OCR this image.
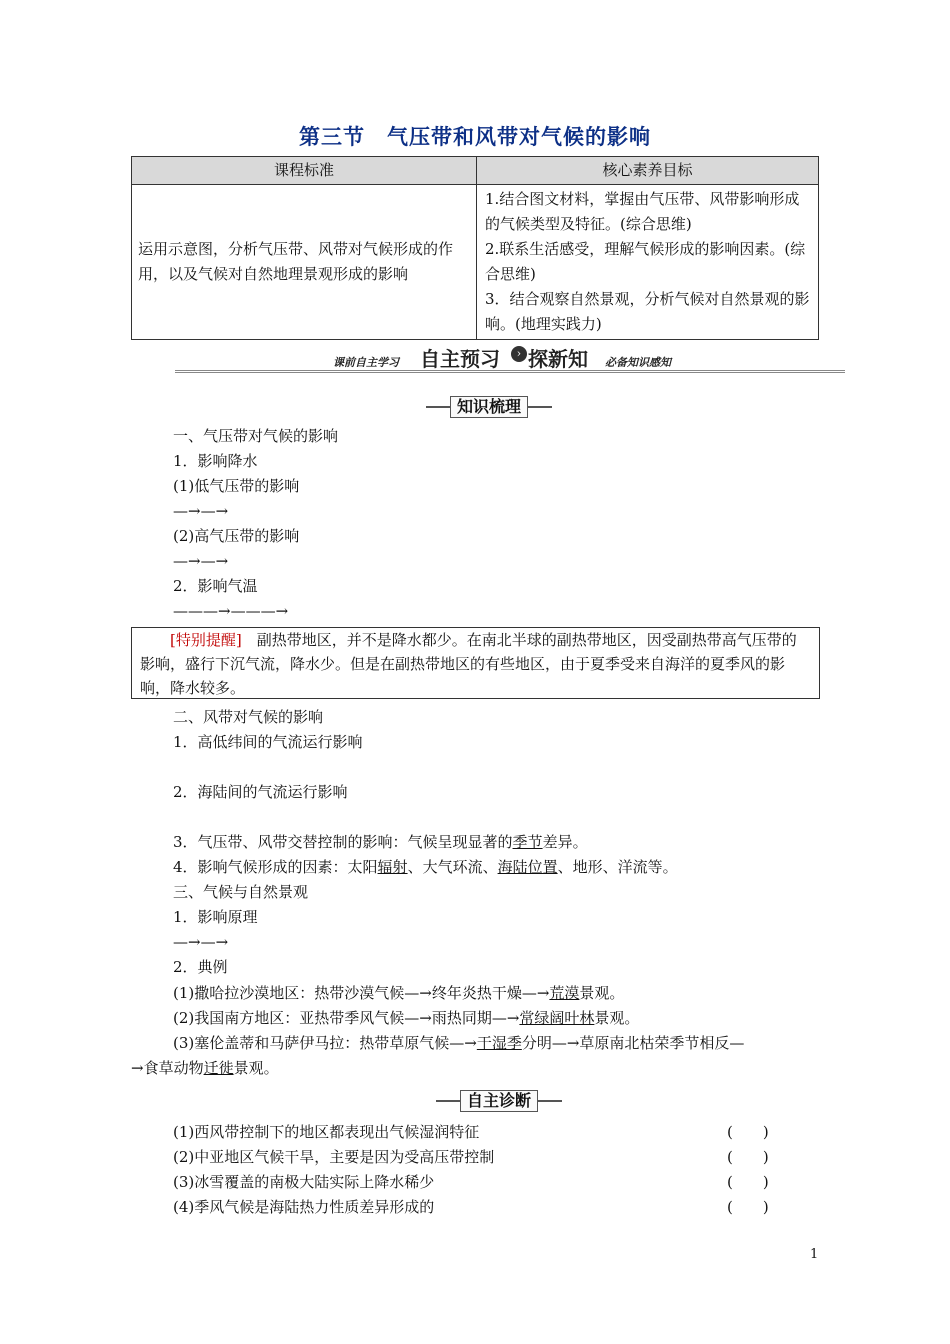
第三节　气压带和风带对气候的影响
课程标准	核心素养目标
运用示意图，分析气压带、风带对气候形成的作用，以及气候对自然地理景观形成的影响	1.结合图文材料，掌握由气压带、风带影响形成的气候类型及特征。(综合思维)
2.联系生活感受，理解气候形成的影响因素。(综合思维)
3．结合观察自然景观，分析气候对自然景观的影响。(地理实践力)
课前自主学习 自主预习	› 探新知 必备知识感知
知识梳理
一、气压带对气候的影响
1．影响降水
(1)低气压带的影响
—→—→
(2)高气压带的影响
—→—→
2．影响气温
———→———→
[特别提醒]　 副热带地区，并不是降水都少。在南北半球的副热带地区，因受副热带高气压带的影响，盛行下沉气流，降水少。但是在副热带地区的有些地区，由于夏季受来自海洋的夏季风的影响，降水较多。
二、风带对气候的影响
1．高低纬间的气流运行影响
2．海陆间的气流运行影响
3．气压带、风带交替控制的影响：气候呈现显著的季节差异。
4．影响气候形成的因素：太阳辐射、大气环流、海陆位置、地形、洋流等。
三、气候与自然景观
1．影响原理
—→—→
2．典例
(1)撒哈拉沙漠地区：热带沙漠气候—→终年炎热干燥—→荒漠景观。
(2)我国南方地区：亚热带季风气候—→雨热同期—→常绿阔叶林景观。
(3)塞伦盖蒂和马萨伊马拉：热带草原气候—→干湿季分明—→草原南北枯荣季节相反—
→食草动物迁徙景观。
自主诊断
(1)西风带控制下的地区都表现出气候湿润特征	(　　)
(2)中亚地区气候干旱，主要是因为受高压带控制	(　　)
(3)冰雪覆盖的南极大陆实际上降水稀少	(　　)
(4)季风气候是海陆热力性质差异形成的	(　　)
1
